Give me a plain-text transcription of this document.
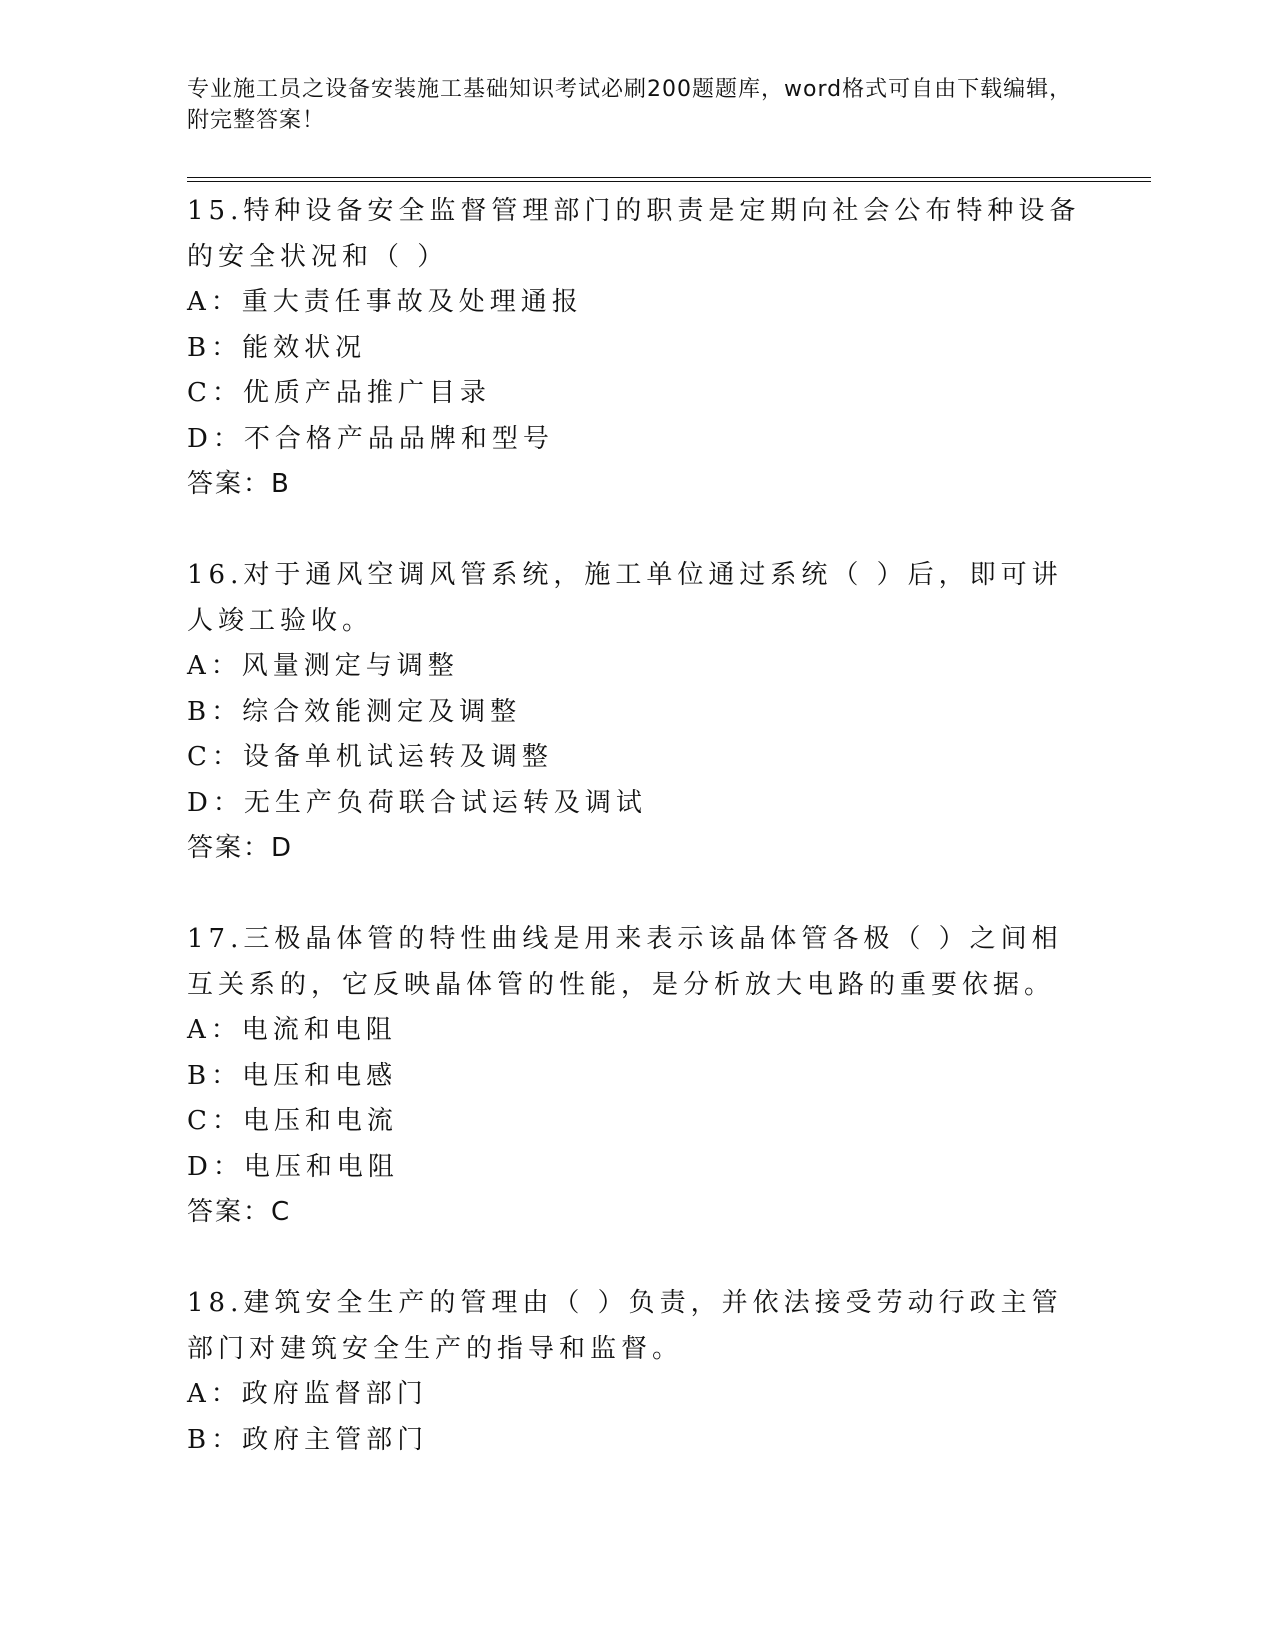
专业施工员之设备安装施工基础知识考试必刷200题题库，word格式可自由下载编辑，附完整答案！
15.特种设备安全监督管理部门的职责是定期向社会公布特种设备的安全状况和（ ）
A：重大责任事故及处理通报
B：能效状况
C：优质产品推广目录
D：不合格产品品牌和型号
答案：B
16.对于通风空调风管系统，施工单位通过系统（ ）后，即可讲人竣工验收。
A：风量测定与调整
B：综合效能测定及调整
C：设备单机试运转及调整
D：无生产负荷联合试运转及调试
答案：D
17.三极晶体管的特性曲线是用来表示该晶体管各极（ ）之间相互关系的，它反映晶体管的性能，是分析放大电路的重要依据。
A：电流和电阻
B：电压和电感
C：电压和电流
D：电压和电阻
答案：C
18.建筑安全生产的管理由（ ）负责，并依法接受劳动行政主管部门对建筑安全生产的指导和监督。
A：政府监督部门
B：政府主管部门
